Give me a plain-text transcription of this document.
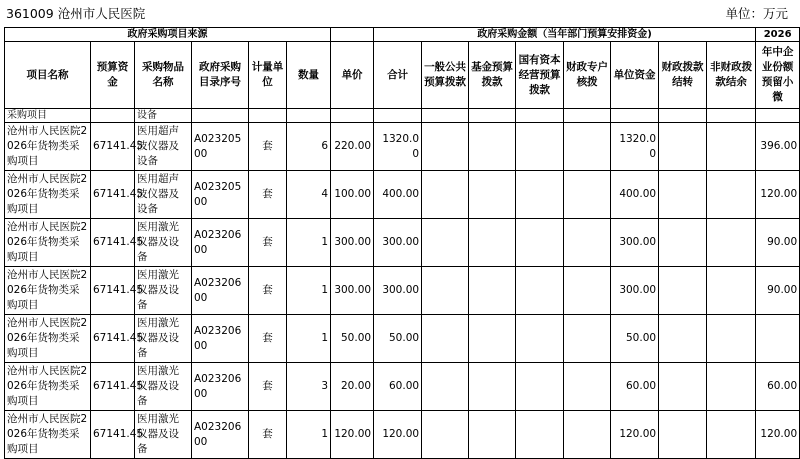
361009 沧州市人民医院	单位：万元
政府采购项目来源							政府采购金额（当年部门预算安排资金)								2026
项目名称	预算资金	采购物品名称	政府采购目录序号	计量单位	数量	单价	合计	一般公共预算拨款	基金预算拨款	国有资本经营预算拨款	财政专户核拨	单位资金	财政拨款结转	非财政拨款结余	年中企业份额预留小微
采购项目		设备													
沧州市人民医院2026年货物类采购项目	67141.45	医用超声波仪器及设备	A02320500	套	6	220.00	1320.00					1320.00			396.00
沧州市人民医院2026年货物类采购项目	67141.45	医用超声波仪器及设备	A02320500	套	4	100.00	400.00					400.00			120.00
沧州市人民医院2026年货物类采购项目	67141.45	医用激光仪器及设备	A02320600	套	1	300.00	300.00					300.00			90.00
沧州市人民医院2026年货物类采购项目	67141.45	医用激光仪器及设备	A02320600	套	1	300.00	300.00					300.00			90.00
沧州市人民医院2026年货物类采购项目	67141.45	医用激光仪器及设备	A02320600	套	1	50.00	50.00					50.00			
沧州市人民医院2026年货物类采购项目	67141.45	医用激光仪器及设备	A02320600	套	3	20.00	60.00					60.00			60.00
沧州市人民医院2026年货物类采购项目	67141.45	医用激光仪器及设备	A02320600	套	1	120.00	120.00					120.00			120.00
